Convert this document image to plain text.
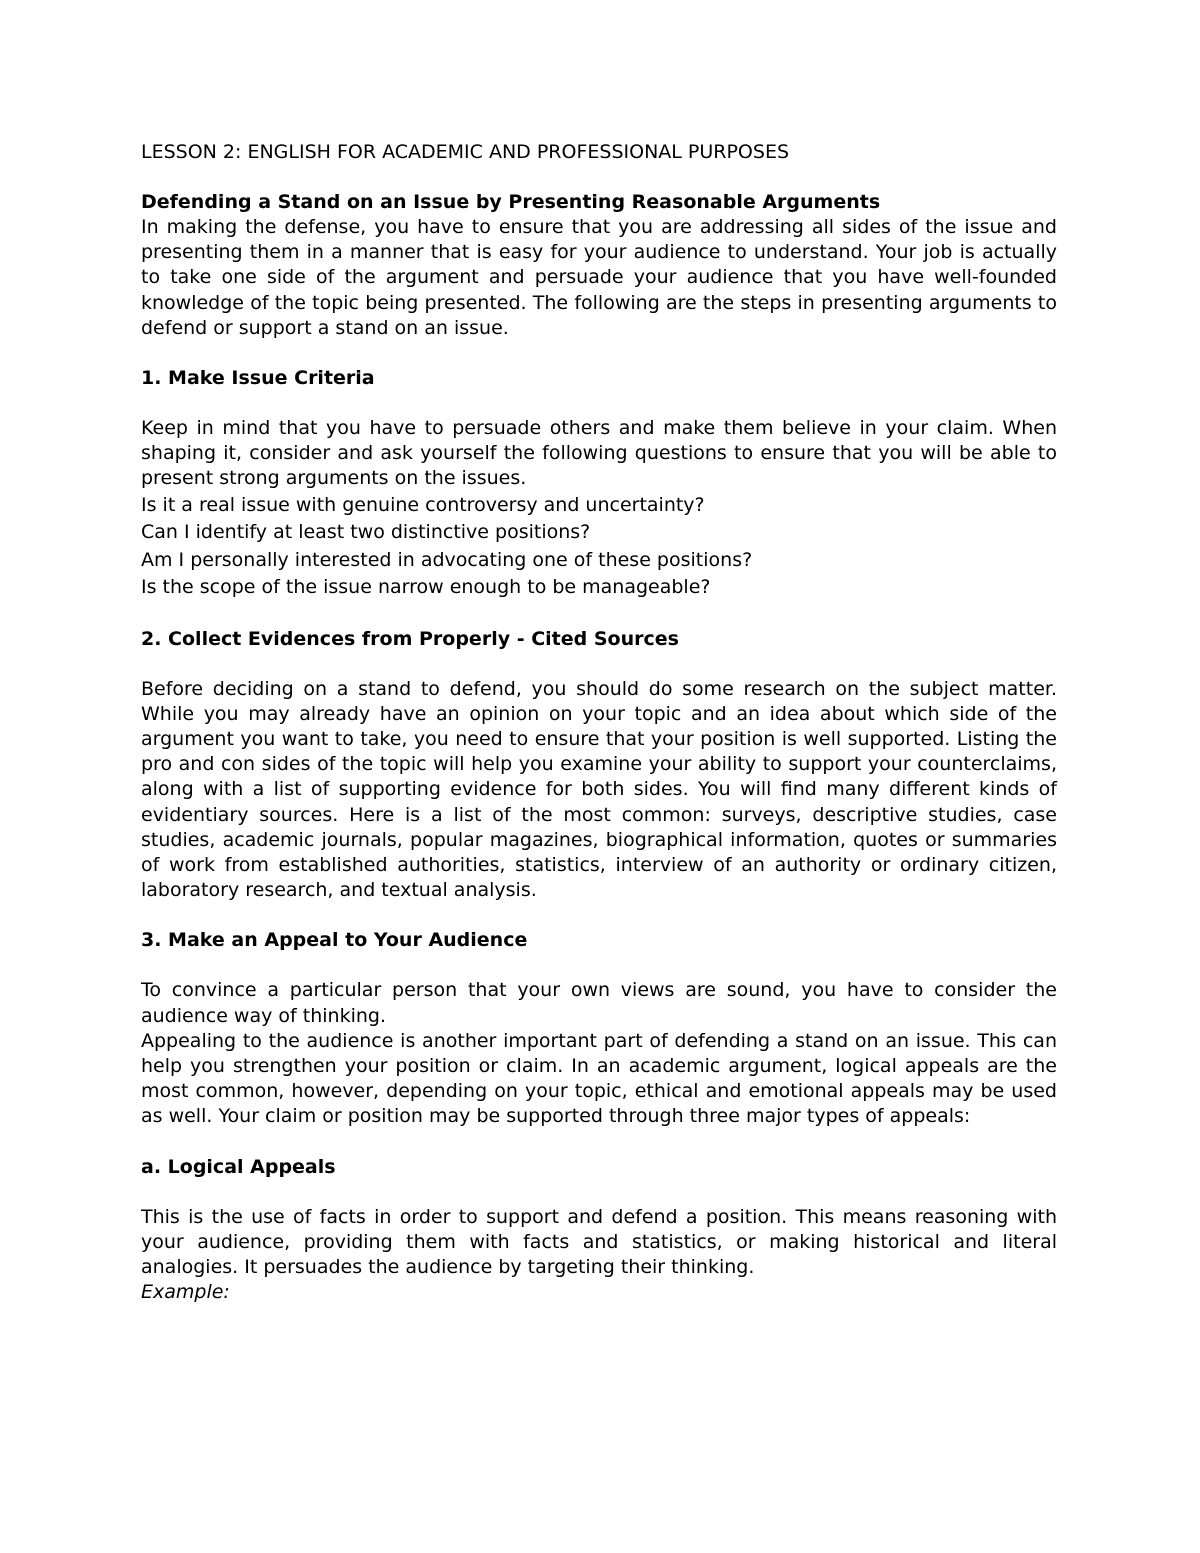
LESSON 2: ENGLISH FOR ACADEMIC AND PROFESSIONAL PURPOSES
Defending a Stand on an Issue by Presenting Reasonable Arguments

In making the defense, you have to ensure that you are addressing all sides of the issue and presenting them in a manner that is easy for your audience to understand. Your job is actually to take one side of the argument and persuade your audience that you have well-founded knowledge of the topic being presented. The following are the steps in presenting arguments to defend or support a stand on an issue.

1. Make Issue Criteria

Keep in mind that you have to persuade others and make them believe in your claim. When shaping it, consider and ask yourself the following questions to ensure that you will be able to present strong arguments on the issues.

Is it a real issue with genuine controversy and uncertainty?

Can I identify at least two distinctive positions?

Am I personally interested in advocating one of these positions?

Is the scope of the issue narrow enough to be manageable?

2. Collect Evidences from Properly - Cited Sources

Before deciding on a stand to defend, you should do some research on the subject matter. While you may already have an opinion on your topic and an idea about which side of the argument you want to take, you need to ensure that your position is well supported. Listing the pro and con sides of the topic will help you examine your ability to support your counterclaims, along with a list of supporting evidence for both sides. You will find many different kinds of evidentiary sources. Here is a list of the most common: surveys, descriptive studies, case studies, academic journals, popular magazines, biographical information, quotes or summaries of work from established authorities, statistics, interview of an authority or ordinary citizen, laboratory research, and textual analysis.

3. Make an Appeal to Your Audience

To convince a particular person that your own views are sound, you have to consider the audience way of thinking.

Appealing to the audience is another important part of defending a stand on an issue. This can help you strengthen your position or claim. In an academic argument, logical appeals are the most common, however, depending on your topic, ethical and emotional appeals may be used as well. Your claim or position may be supported through three major types of appeals:

a. Logical Appeals

This is the use of facts in order to support and defend a position. This means reasoning with your audience, providing them with facts and statistics, or making historical and literal analogies. It persuades the audience by targeting their thinking.

Example:
